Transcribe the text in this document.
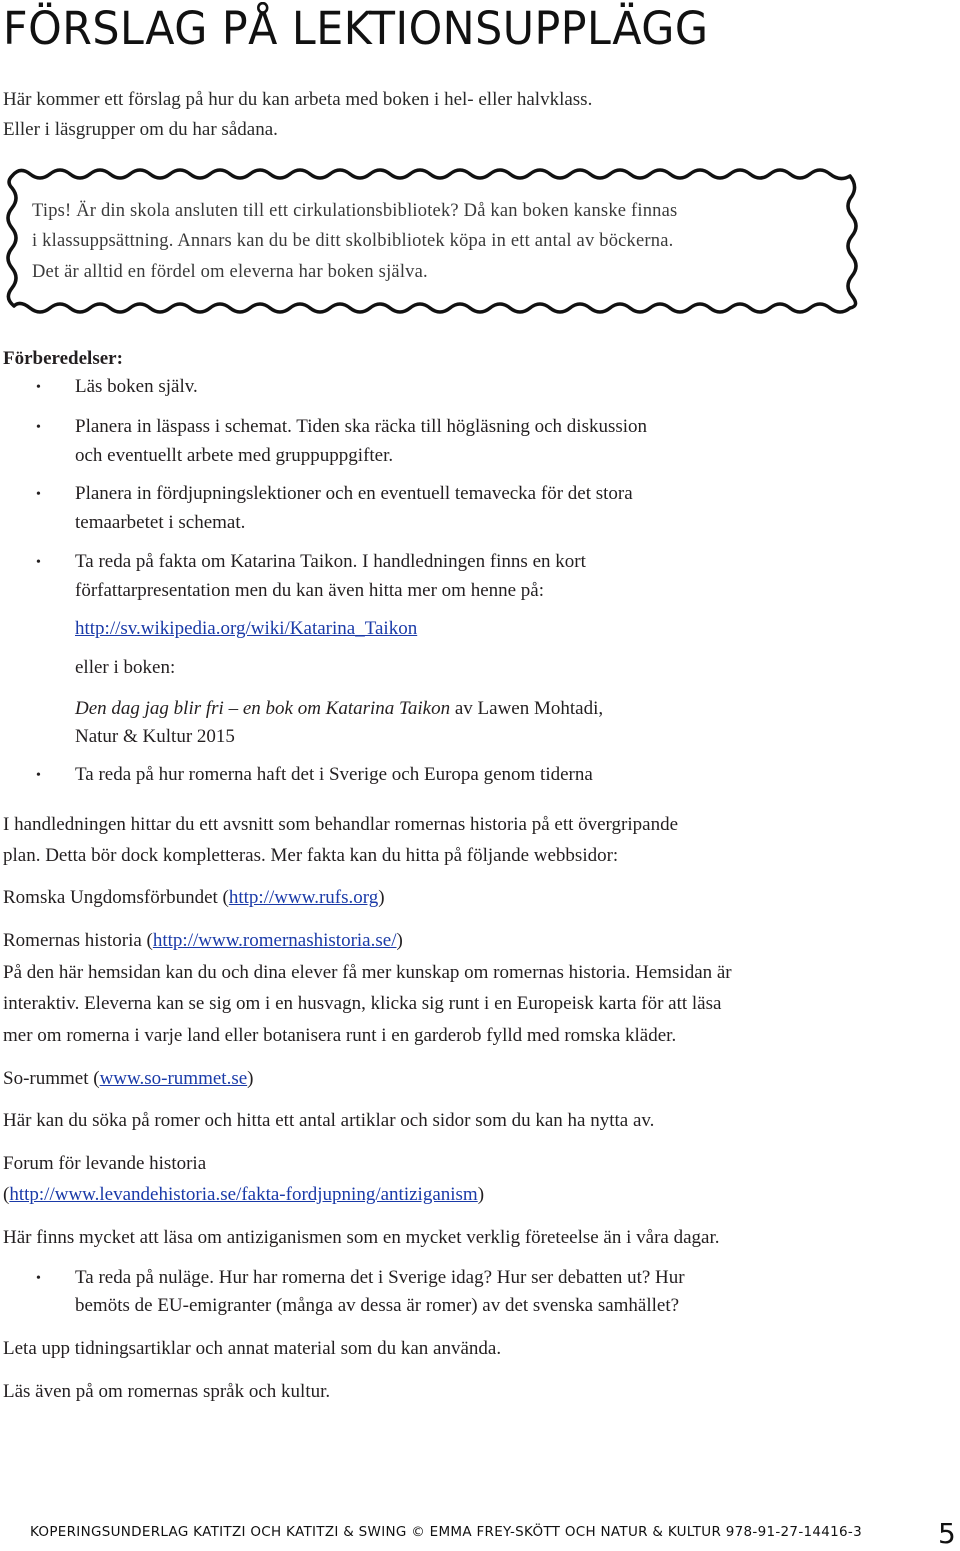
FÖRSLAG PÅ LEKTIONSUPPLÄGG
Här kommer ett förslag på hur du kan arbeta med boken i hel- eller halvklass.
Eller i läsgrupper om du har sådana.
Tips! Är din skola ansluten till ett cirkulationsbibliotek? Då kan boken kanske finnas
i klassuppsättning. Annars kan du be ditt skolbibliotek köpa in ett antal av böckerna.
Det är alltid en fördel om eleverna har boken själva.
Förberedelser:
• Läs boken själv.
• Planera in läspass i schemat. Tiden ska räcka till högläsning och diskussion
och eventuellt arbete med gruppuppgifter.
• Planera in fördjupningslektioner och en eventuell temavecka för det stora
temaarbetet i schemat.
• Ta reda på fakta om Katarina Taikon. I handledningen finns en kort
författarpresentation men du kan även hitta mer om henne på:
http://sv.wikipedia.org/wiki/Katarina_Taikon
eller i boken:
Den dag jag blir fri – en bok om Katarina Taikon av Lawen Mohtadi,
Natur & Kultur 2015
• Ta reda på hur romerna haft det i Sverige och Europa genom tiderna
I handledningen hittar du ett avsnitt som behandlar romernas historia på ett övergripande
plan. Detta bör dock kompletteras. Mer fakta kan du hitta på följande webbsidor:
Romska Ungdomsförbundet (http://www.rufs.org)
Romernas historia (http://www.romernashistoria.se/)
På den här hemsidan kan du och dina elever få mer kunskap om romernas historia. Hemsidan är
interaktiv. Eleverna kan se sig om i en husvagn, klicka sig runt i en Europeisk karta för att läsa
mer om romerna i varje land eller botanisera runt i en garderob fylld med romska kläder.
So-rummet (www.so-rummet.se)
Här kan du söka på romer och hitta ett antal artiklar och sidor som du kan ha nytta av.
Forum för levande historia
(http://www.levandehistoria.se/fakta-fordjupning/antiziganism)
Här finns mycket att läsa om antiziganismen som en mycket verklig företeelse än i våra dagar.
• Ta reda på nuläge. Hur har romerna det i Sverige idag? Hur ser debatten ut? Hur
bemöts de EU-emigranter (många av dessa är romer) av det svenska samhället?
Leta upp tidningsartiklar och annat material som du kan använda.
Läs även på om romernas språk och kultur.
KOPERINGSUNDERLAG KATITZI OCH KATITZI & SWING © EMMA FREY-SKÖTT OCH NATUR & KULTUR 978-91-27-14416-3	5
